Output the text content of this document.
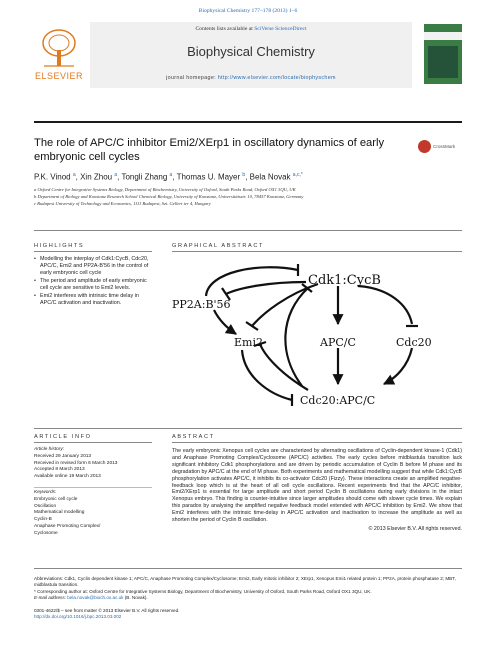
Biophysical Chemistry 177–178 (2013) 1–6
ELSEVIER
Contents lists available at SciVerse ScienceDirect
Biophysical Chemistry
journal homepage: http://www.elsevier.com/locate/biophyschem
The role of APC/C inhibitor Emi2/XErp1 in oscillatory dynamics of early embryonic cell cycles
CrossMark
P.K. Vinod $^a$, Xin Zhou $^a$, Tongli Zhang $^a$, Thomas U. Mayer $^b$, Bela Novak $^{a,c,*}$
a Oxford Centre for Integrative Systems Biology, Department of Biochemistry, University of Oxford, South Parks Road, Oxford OX1 3QU, UK
b Department of Biology and Konstanz Research School Chemical Biology, University of Konstanz, Universitätsstr. 10, 78457 Konstanz, Germany
c Budapest University of Technology and Economics, 1111 Budapest, Szt. Gellert ter 4, Hungary
HIGHLIGHTS
• Modelling the interplay of Cdk1:CycB, Cdc20, APC/C, Emi2 and PP2A-B'56 in the control of early embryonic cell cycle
• The period and amplitude of early embryonic cell cycle are sensitive to Emi2 levels.
• Emi2 interferes with intrinsic time delay in APC/C activation and inactivation.
GRAPHICAL ABSTRACT
Cdk1:CycB
PP2A:B'56
Emi2	APC/C	Cdc20
Cdc20:APC/C
ARTICLE INFO	ABSTRACT
Article history:
Received 29 January 2013
Received in revised form 6 March 2013
Accepted 8 March 2013
Available online 19 March 2013
Keywords:
Embryonic cell cycle
Oscillation
Mathematical modelling
Cyclin-B
Anaphase Promoting Complex/
Cyclosome
The early embryonic Xenopus cell cycles are characterized by alternating oscillations of Cyclin-dependent kinase-1 (Cdk1) and Anaphase Promoting Complex/Cyclosome (APC/C) activities. The early cycles before midblastula transition lack significant inhibitory Cdk1 phosphorylations and are driven by periodic accumulation of Cyclin B before M phase and its degradation by APC/C at the end of M phase. Both experiments and mathematical modelling suggest that while Cdk1:CycB phosphorylation activates APC/C, it inhibits its co-activator Cdc20 (Fizzy). These interactions create an amplified negative-feedback loop which is at the heart of all cell cycle oscillations. Recent experiments find that the APC/C inhibitor, Emi2/XErp1 is essential for large amplitude and short period Cyclin B oscillations during early divisions in the intact Xenopus embryo. This finding is counter-intuitive since larger amplitudes should come with slower cycle times. We explain this paradox by analysing the amplified negative feedback model extended with APC/C inhibition by Emi2. We show that Emi2 interferes with the intrinsic time-delay in APC/C activation and inactivation to increase the amplitude as well as shorten the period of Cyclin B oscillation.
© 2013 Elsevier B.V. All rights reserved.
Abbreviations: Cdk1, Cyclin dependent kinase 1; APC/C, Anaphase Promoting Complex/Cyclosome; Emi2, Early mitotic inhibitor 2; XErp1, Xenopus Emi1 related protein 1; PP2A, protein phosphatase 2; MBT, midblastula transition.
* Corresponding author at: Oxford Centre for Integrative Systems Biology, Department of Biochemistry, University of Oxford, South Parks Road, Oxford OX1 3QU, UK.
E-mail address: bela.novak@bioch.ox.ac.uk (B. Novak).
0301-4622/$ – see front matter © 2013 Elsevier B.V. All rights reserved.
http://dx.doi.org/10.1016/j.bpc.2013.03.002
